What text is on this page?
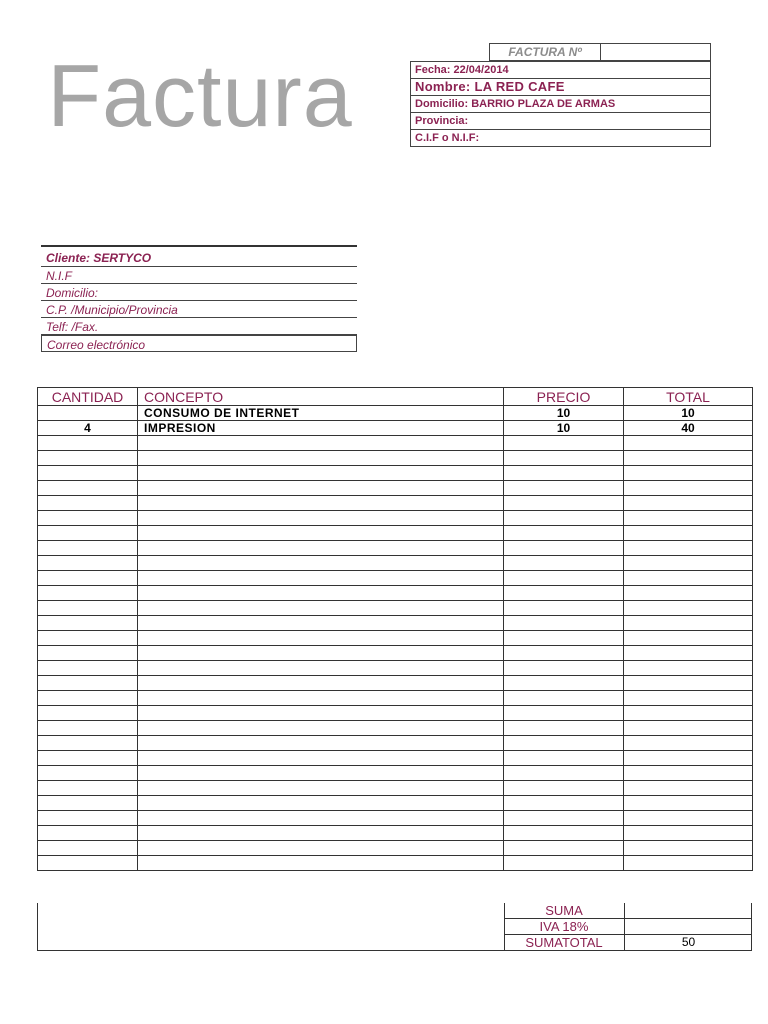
Factura	FACTURA Nº
Fecha: 22/04/2014
Nombre: LA RED CAFE
Domicilio: BARRIO PLAZA DE ARMAS
Provincia:
C.I.F o N.I.F:
Cliente: SERTYCO
N.I.F
Domicilio:
C.P. /Municipio/Provincia
Telf: /Fax.
Correo electrónico
CANTIDAD	CONCEPTO	PRECIO	TOTAL
	CONSUMO DE INTERNET	10	10
4	IMPRESION	10	40

SUMA
IVA 18%
SUMATOTAL	50
